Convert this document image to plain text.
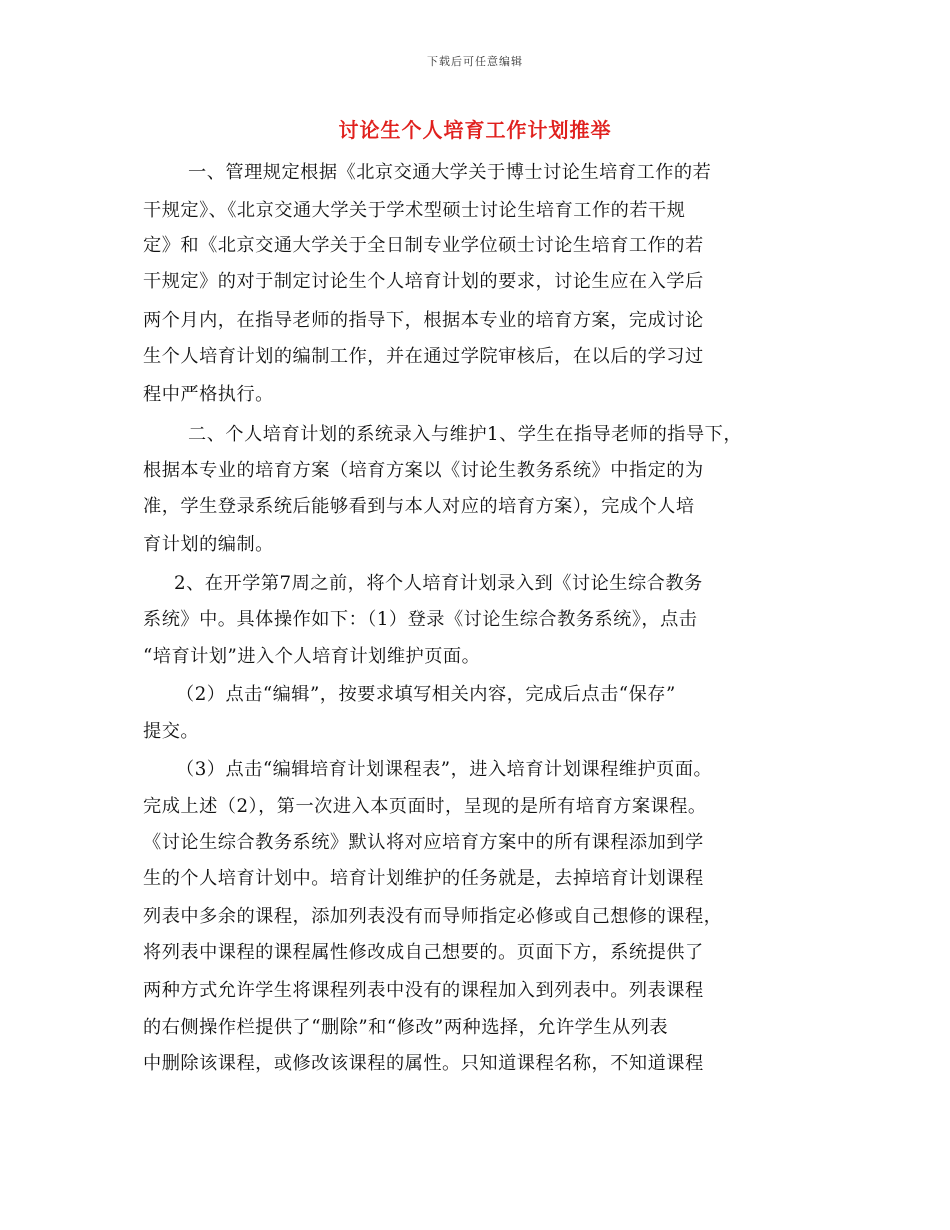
下载后可任意编辑
讨论生个人培育工作计划推举
一、管理规定根据《北京交通大学关于博士讨论生培育工作的若
干规定》、《北京交通大学关于学术型硕士讨论生培育工作的若干规
定》和《北京交通大学关于全日制专业学位硕士讨论生培育工作的若
干规定》的对于制定讨论生个人培育计划的要求，讨论生应在入学后
两个月内，在指导老师的指导下，根据本专业的培育方案，完成讨论
生个人培育计划的编制工作，并在通过学院审核后，在以后的学习过
程中严格执行。
二、个人培育计划的系统录入与维护1、学生在指导老师的指导下，
根据本专业的培育方案（培育方案以《讨论生教务系统》中指定的为
准，学生登录系统后能够看到与本人对应的培育方案），完成个人培
育计划的编制。
2、在开学第7周之前，将个人培育计划录入到《讨论生综合教务
系统》中。具体操作如下：（1）登录《讨论生综合教务系统》，点击
“培育计划”进入个人培育计划维护页面。
（2）点击“编辑”，按要求填写相关内容，完成后点击“保存”
提交。
（3）点击“编辑培育计划课程表”，进入培育计划课程维护页面。
完成上述（2），第一次进入本页面时，呈现的是所有培育方案课程。
《讨论生综合教务系统》默认将对应培育方案中的所有课程添加到学
生的个人培育计划中。培育计划维护的任务就是，去掉培育计划课程
列表中多余的课程，添加列表没有而导师指定必修或自己想修的课程，
将列表中课程的课程属性修改成自己想要的。页面下方，系统提供了
两种方式允许学生将课程列表中没有的课程加入到列表中。列表课程
的右侧操作栏提供了“删除”和“修改”两种选择，允许学生从列表
中删除该课程，或修改该课程的属性。只知道课程名称，不知道课程
